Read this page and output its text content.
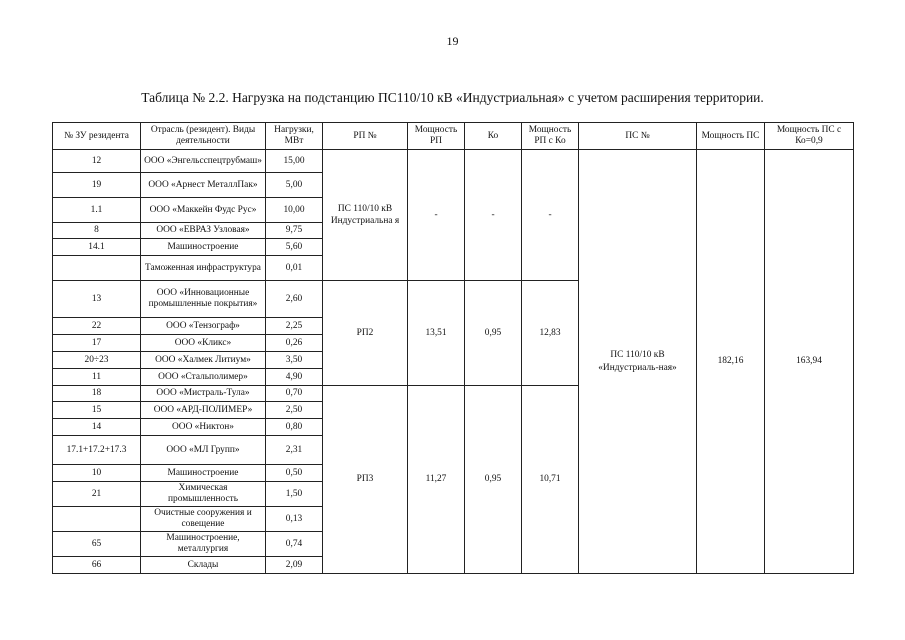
19
Таблица № 2.2. Нагрузка на подстанцию ПС110/10 кВ «Индустриальная» с учетом расширения территории.
№ ЗУ резидента	Отрасль (резидент). Виды деятельности	Нагрузки, МВт	РП №	Мощность РП	Ко	Мощность РП с Ко	ПС №	Мощность ПС	Мощность ПС с Ко=0,9
12	ООО «Энгельсспецтрубмаш»	15,00	ПС 110/10 кВ Индустриальна я	-	-	-	ПС 110/10 кВ «Индустриаль-ная»	182,16	163,94
19	ООО «Арнест МеталлПак»	5,00							
1.1	ООО «Маккейн Фудс Рус»	10,00							
8	ООО «ЕВРАЗ Узловая»	9,75							
14.1	Машиностроение	5,60							
	Таможенная инфраструктура	0,01							
13	ООО «Инновационные промышленные покрытия»	2,60	РП2	13,51	0,95	12,83			
22	ООО «Тензограф»	2,25							
17	ООО «Кликс»	0,26							
20÷23	ООО «Халмек Литиум»	3,50							
11	ООО «Стальполимер»	4,90							
18	ООО «Мистраль-Тула»	0,70	РП3	11,27	0,95	10,71			
15	ООО «АРД-ПОЛИМЕР»	2,50							
14	ООО «Никтон»	0,80							
17.1+17.2+17.3	ООО «МЛ Групп»	2,31							
10	Машиностроение	0,50							
21	Химическая промышленность	1,50							
	Очистные сооружения и совещение	0,13							
65	Машиностроение, металлургия	0,74							
66	Склады	2,09							
